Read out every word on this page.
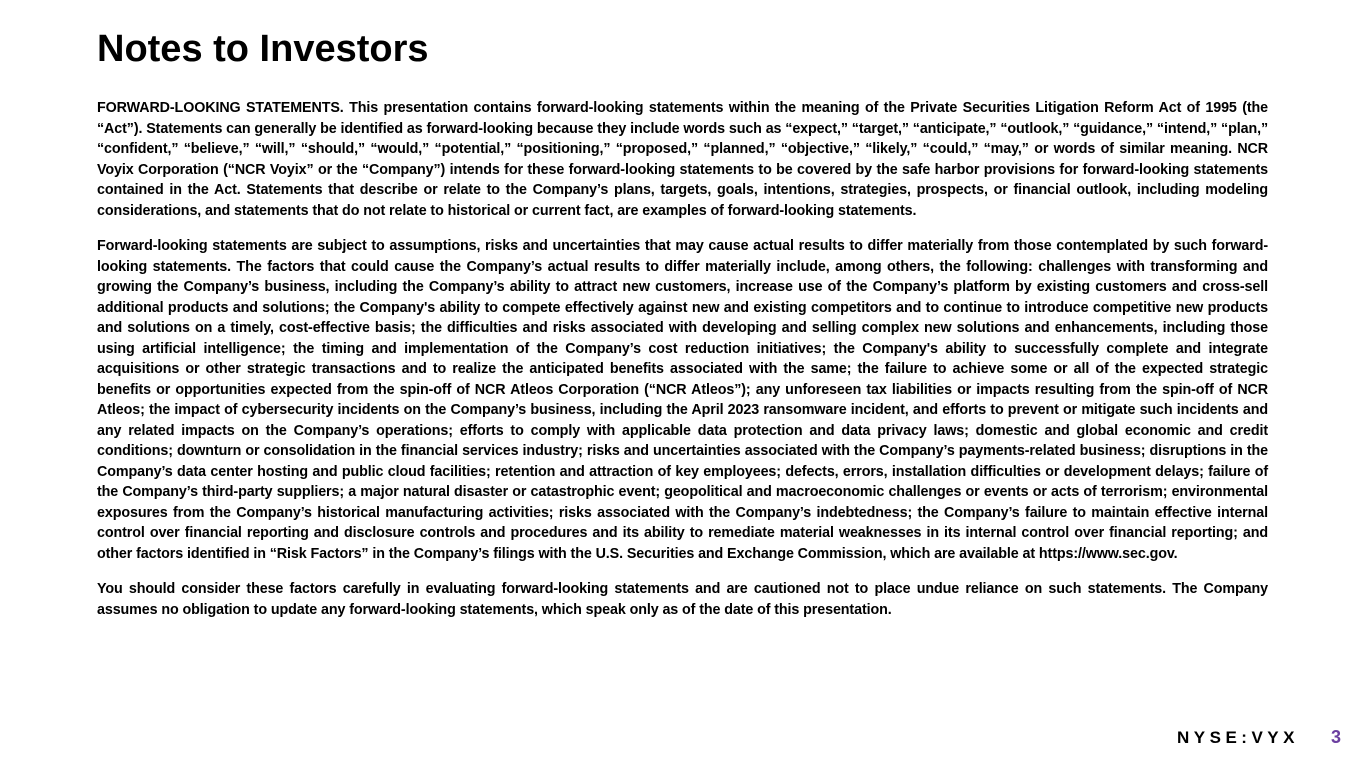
Notes to Investors

FORWARD-LOOKING STATEMENTS. This presentation contains forward-looking statements within the meaning of the Private Securities Litigation Reform Act of 1995 (the “Act”). Statements can generally be identified as forward-looking because they include words such as “expect,” “target,” “anticipate,” “outlook,” “guidance,” “intend,” “plan,” “confident,” “believe,” “will,” “should,” “would,” “potential,” “positioning,” “proposed,” “planned,” “objective,” “likely,” “could,” “may,” or words of similar meaning. NCR Voyix Corporation (“NCR Voyix” or the “Company”) intends for these forward-looking statements to be covered by the safe harbor provisions for forward-looking statements contained in the Act. Statements that describe or relate to the Company’s plans, targets, goals, intentions, strategies, prospects, or financial outlook, including modeling considerations, and statements that do not relate to historical or current fact, are examples of forward-looking statements.

Forward-looking statements are subject to assumptions, risks and uncertainties that may cause actual results to differ materially from those contemplated by such forward-looking statements. The factors that could cause the Company’s actual results to differ materially include, among others, the following: challenges with transforming and growing the Company’s business, including the Company’s ability to attract new customers, increase use of the Company’s platform by existing customers and cross-sell additional products and solutions; the Company's ability to compete effectively against new and existing competitors and to continue to introduce competitive new products and solutions on a timely, cost-effective basis; the difficulties and risks associated with developing and selling complex new solutions and enhancements, including those using artificial intelligence; the timing and implementation of the Company’s cost reduction initiatives; the Company's ability to successfully complete and integrate acquisitions or other strategic transactions and to realize the anticipated benefits associated with the same; the failure to achieve some or all of the expected strategic benefits or opportunities expected from the spin-off of NCR Atleos Corporation (“NCR Atleos”); any unforeseen tax liabilities or impacts resulting from the spin-off of NCR Atleos; the impact of cybersecurity incidents on the Company’s business, including the April 2023 ransomware incident, and efforts to prevent or mitigate such incidents and any related impacts on the Company’s operations; efforts to comply with applicable data protection and data privacy laws; domestic and global economic and credit conditions; downturn or consolidation in the financial services industry; risks and uncertainties associated with the Company’s payments-related business; disruptions in the Company’s data center hosting and public cloud facilities; retention and attraction of key employees; defects, errors, installation difficulties or development delays; failure of the Company’s third-party suppliers; a major natural disaster or catastrophic event; geopolitical and macroeconomic challenges or events or acts of terrorism; environmental exposures from the Company’s historical manufacturing activities; risks associated with the Company’s indebtedness; the Company’s failure to maintain effective internal control over financial reporting and disclosure controls and procedures and its ability to remediate material weaknesses in its internal control over financial reporting; and other factors identified in “Risk Factors” in the Company’s filings with the U.S. Securities and Exchange Commission, which are available at https://www.sec.gov.

You should consider these factors carefully in evaluating forward-looking statements and are cautioned not to place undue reliance on such statements. The Company assumes no obligation to update any forward-looking statements, which speak only as of the date of this presentation.

NYSE:VYX 3
